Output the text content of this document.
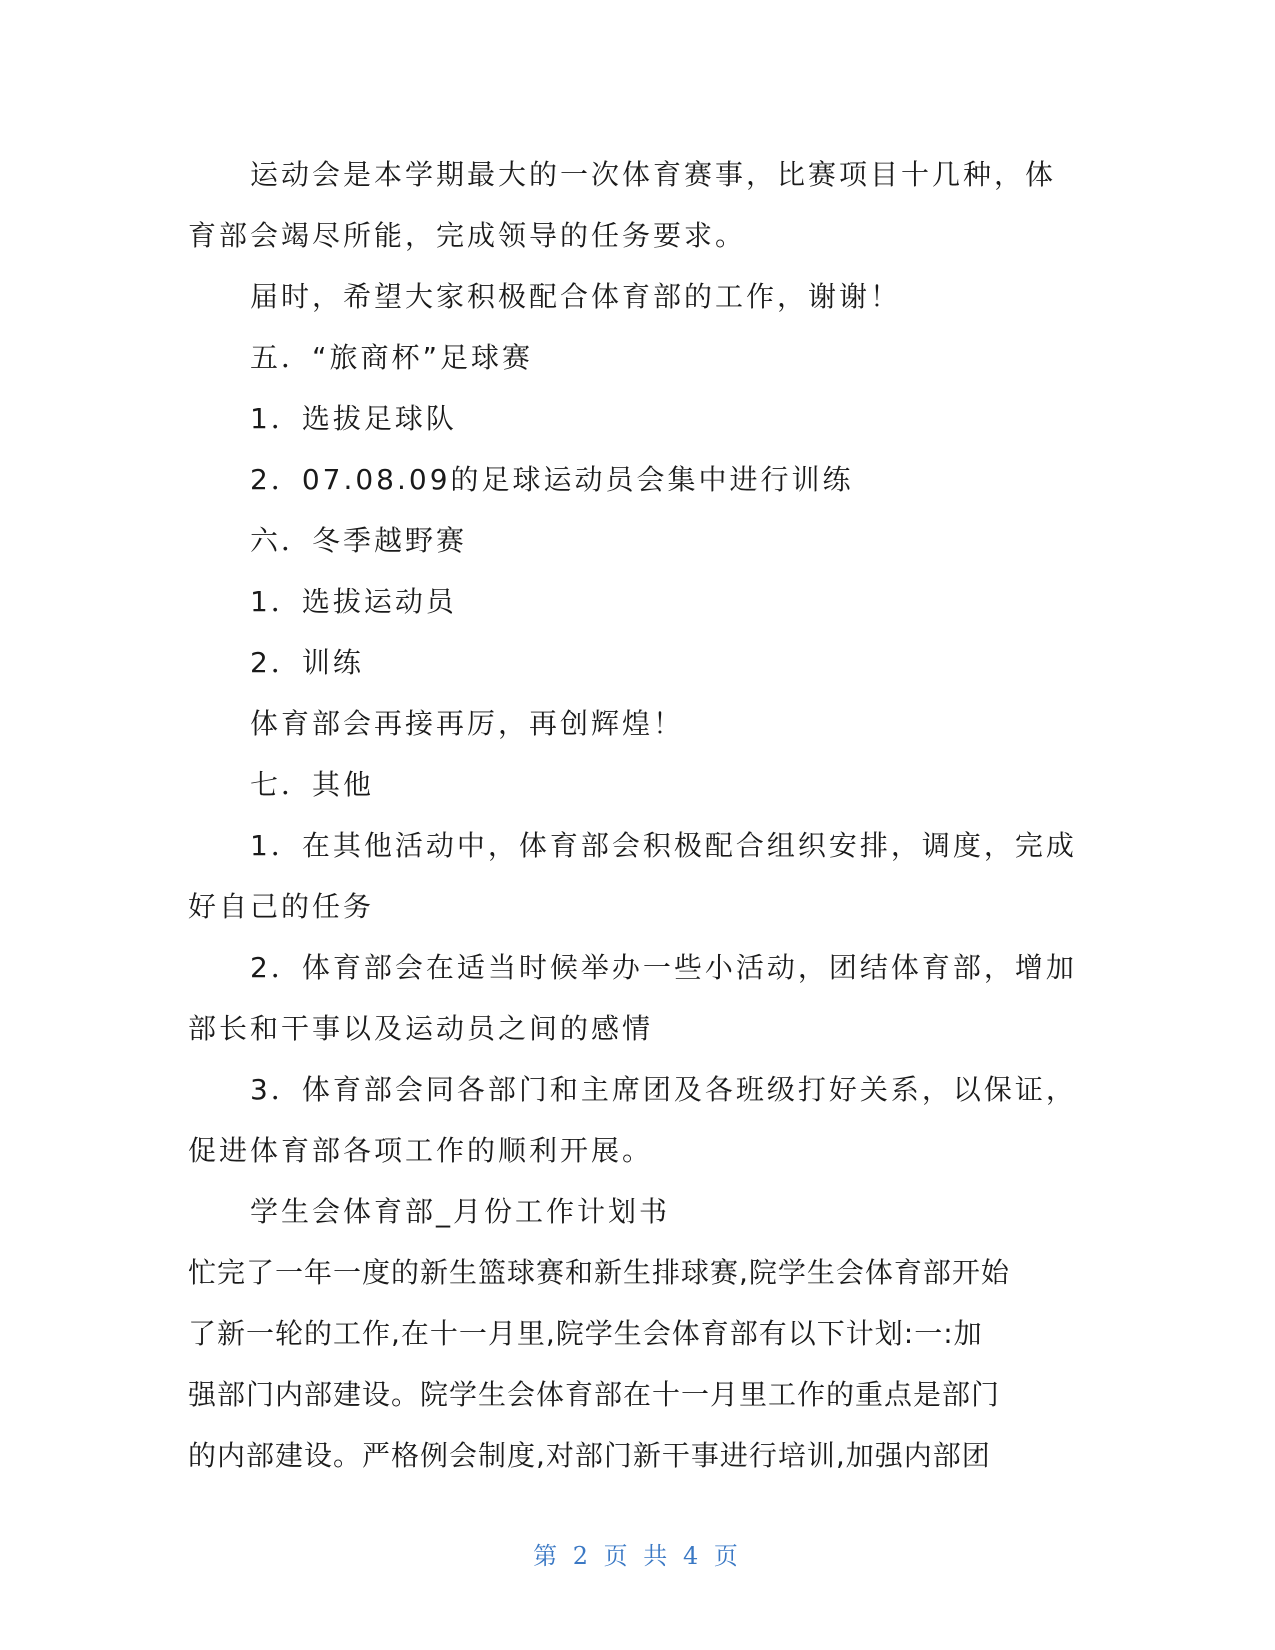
运动会是本学期最大的一次体育赛事，比赛项目十几种，体
育部会竭尽所能，完成领导的任务要求。
届时，希望大家积极配合体育部的工作，谢谢！
五．“旅商杯”足球赛
1．选拔足球队
2．07.08.09的足球运动员会集中进行训练
六．冬季越野赛
1．选拔运动员
2．训练
体育部会再接再厉，再创辉煌！
七．其他
1．在其他活动中，体育部会积极配合组织安排，调度，完成
好自己的任务
2．体育部会在适当时候举办一些小活动，团结体育部，增加
部长和干事以及运动员之间的感情
3．体育部会同各部门和主席团及各班级打好关系，以保证，
促进体育部各项工作的顺利开展。
学生会体育部_月份工作计划书
忙完了一年一度的新生篮球赛和新生排球赛,院学生会体育部开始
了新一轮的工作,在十一月里,院学生会体育部有以下计划:一:加
强部门内部建设。院学生会体育部在十一月里工作的重点是部门
的内部建设。严格例会制度,对部门新干事进行培训,加强内部团
第 2 页 共 4 页
